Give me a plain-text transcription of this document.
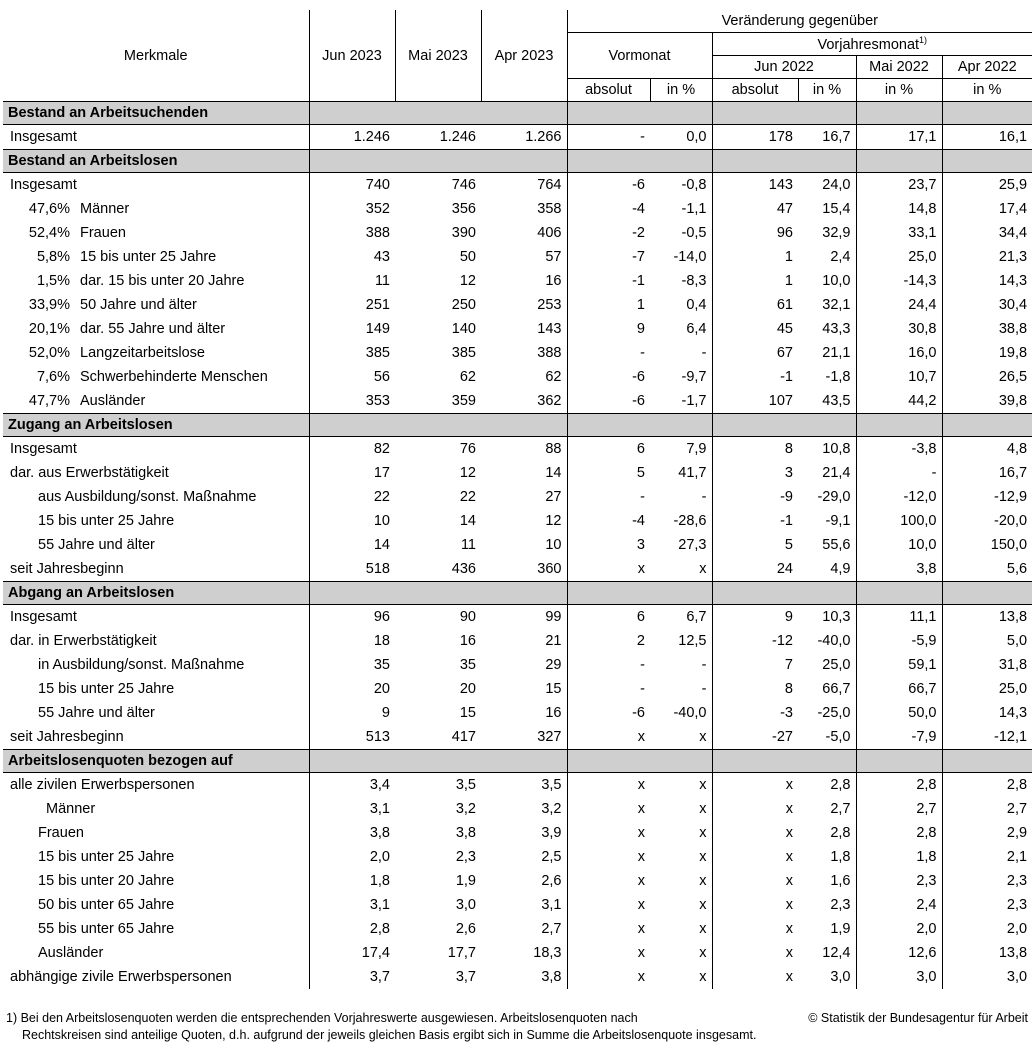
Merkmale	Jun 2023	Mai 2023	Apr 2023	Veränderung gegenüber					
				Vormonat		Vorjahresmonat$^{1)}$
						Jun 2022		Mai 2022	Apr 2022
				absolut	in %	absolut	in %	in %	in %
Bestand an Arbeitsuchenden									
Insgesamt	1.246	1.246	1.266	-	0,0	178	16,7	17,1	16,1
Bestand an Arbeitslosen									
Insgesamt	740	746	764	-6	-0,8	143	24,0	23,7	25,9
47,6% Männer	352	356	358	-4	-1,1	47	15,4	14,8	17,4
52,4% Frauen	388	390	406	-2	-0,5	96	32,9	33,1	34,4
5,8% 15 bis unter 25 Jahre	43	50	57	-7	-14,0	1	2,4	25,0	21,3
1,5% dar. 15 bis unter 20 Jahre	11	12	16	-1	-8,3	1	10,0	-14,3	14,3
33,9% 50 Jahre und älter	251	250	253	1	0,4	61	32,1	24,4	30,4
20,1% dar. 55 Jahre und älter	149	140	143	9	6,4	45	43,3	30,8	38,8
52,0% Langzeitarbeitslose	385	385	388	-	-	67	21,1	16,0	19,8
7,6% Schwerbehinderte Menschen	56	62	62	-6	-9,7	-1	-1,8	10,7	26,5
47,7% Ausländer	353	359	362	-6	-1,7	107	43,5	44,2	39,8
Zugang an Arbeitslosen									
Insgesamt	82	76	88	6	7,9	8	10,8	-3,8	4,8
dar. aus Erwerbstätigkeit	17	12	14	5	41,7	3	21,4	-	16,7
aus Ausbildung/sonst. Maßnahme	22	22	27	-	-	-9	-29,0	-12,0	-12,9
15 bis unter 25 Jahre	10	14	12	-4	-28,6	-1	-9,1	100,0	-20,0
55 Jahre und älter	14	11	10	3	27,3	5	55,6	10,0	150,0
seit Jahresbeginn	518	436	360	x	x	24	4,9	3,8	5,6
Abgang an Arbeitslosen									
Insgesamt	96	90	99	6	6,7	9	10,3	11,1	13,8
dar. in Erwerbstätigkeit	18	16	21	2	12,5	-12	-40,0	-5,9	5,0
in Ausbildung/sonst. Maßnahme	35	35	29	-	-	7	25,0	59,1	31,8
15 bis unter 25 Jahre	20	20	15	-	-	8	66,7	66,7	25,0
55 Jahre und älter	9	15	16	-6	-40,0	-3	-25,0	50,0	14,3
seit Jahresbeginn	513	417	327	x	x	-27	-5,0	-7,9	-12,1
Arbeitslosenquoten bezogen auf									
alle zivilen Erwerbspersonen	3,4	3,5	3,5	x	x	x	2,8	2,8	2,8
Männer	3,1	3,2	3,2	x	x	x	2,7	2,7	2,7
Frauen	3,8	3,8	3,9	x	x	x	2,8	2,8	2,9
15 bis unter 25 Jahre	2,0	2,3	2,5	x	x	x	1,8	1,8	2,1
15 bis unter 20 Jahre	1,8	1,9	2,6	x	x	x	1,6	2,3	2,3
50 bis unter 65 Jahre	3,1	3,0	3,1	x	x	x	2,3	2,4	2,3
55 bis unter 65 Jahre	2,8	2,6	2,7	x	x	x	1,9	2,0	2,0
Ausländer	17,4	17,7	18,3	x	x	x	12,4	12,6	13,8
abhängige zivile Erwerbspersonen	3,7	3,7	3,8	x	x	x	3,0	3,0	3,0
1) Bei den Arbeitslosenquoten werden die entsprechenden Vorjahreswerte ausgewiesen. Arbeitslosenquoten nach
Rechtskreisen sind anteilige Quoten, d.h. aufgrund der jeweils gleichen Basis ergibt sich in Summe die Arbeitslosenquote insgesamt.
© Statistik der Bundesagentur für Arbeit
